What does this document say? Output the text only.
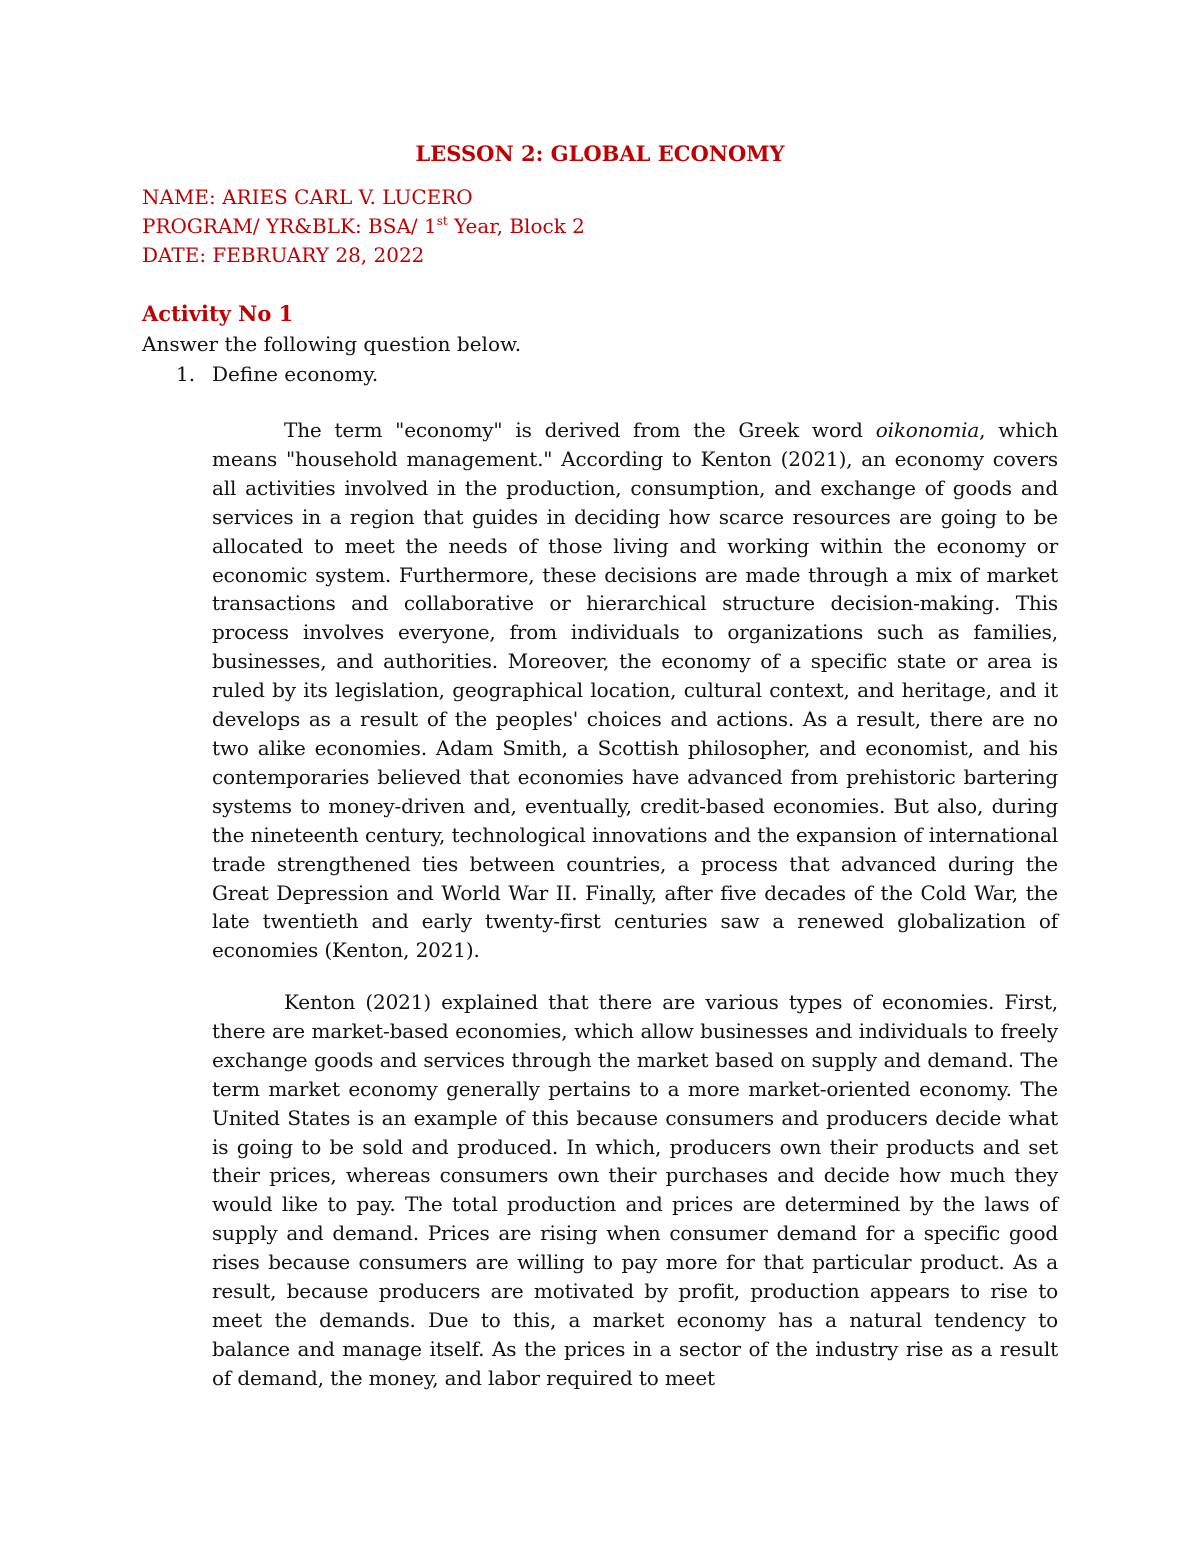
LESSON 2: GLOBAL ECONOMY
NAME: ARIES CARL V. LUCERO
PROGRAM/ YR&BLK: BSA/ 1st Year, Block 2
DATE: FEBRUARY 28, 2022
Activity No 1
Answer the following question below.
1. Define economy.

The term "economy" is derived from the Greek word oikonomia, which means "household management." According to Kenton (2021), an economy covers all activities involved in the production, consumption, and exchange of goods and services in a region that guides in deciding how scarce resources are going to be allocated to meet the needs of those living and working within the economy or economic system. Furthermore, these decisions are made through a mix of market transactions and collaborative or hierarchical structure decision-making. This process involves everyone, from individuals to organizations such as families, businesses, and authorities. Moreover, the economy of a specific state or area is ruled by its legislation, geographical location, cultural context, and heritage, and it develops as a result of the peoples' choices and actions. As a result, there are no two alike economies. Adam Smith, a Scottish philosopher, and economist, and his contemporaries believed that economies have advanced from prehistoric bartering systems to money-driven and, eventually, credit-based economies. But also, during the nineteenth century, technological innovations and the expansion of international trade strengthened ties between countries, a process that advanced during the Great Depression and World War II. Finally, after five decades of the Cold War, the late twentieth and early twenty-first centuries saw a renewed globalization of economies (Kenton, 2021).

Kenton (2021) explained that there are various types of economies. First, there are market-based economies, which allow businesses and individuals to freely exchange goods and services through the market based on supply and demand. The term market economy generally pertains to a more market-oriented economy. The United States is an example of this because consumers and producers decide what is going to be sold and produced. In which, producers own their products and set their prices, whereas consumers own their purchases and decide how much they would like to pay. The total production and prices are determined by the laws of supply and demand. Prices are rising when consumer demand for a specific good rises because consumers are willing to pay more for that particular product. As a result, because producers are motivated by profit, production appears to rise to meet the demands. Due to this, a market economy has a natural tendency to balance and manage itself. As the prices in a sector of the industry rise as a result of demand, the money, and labor required to meet
